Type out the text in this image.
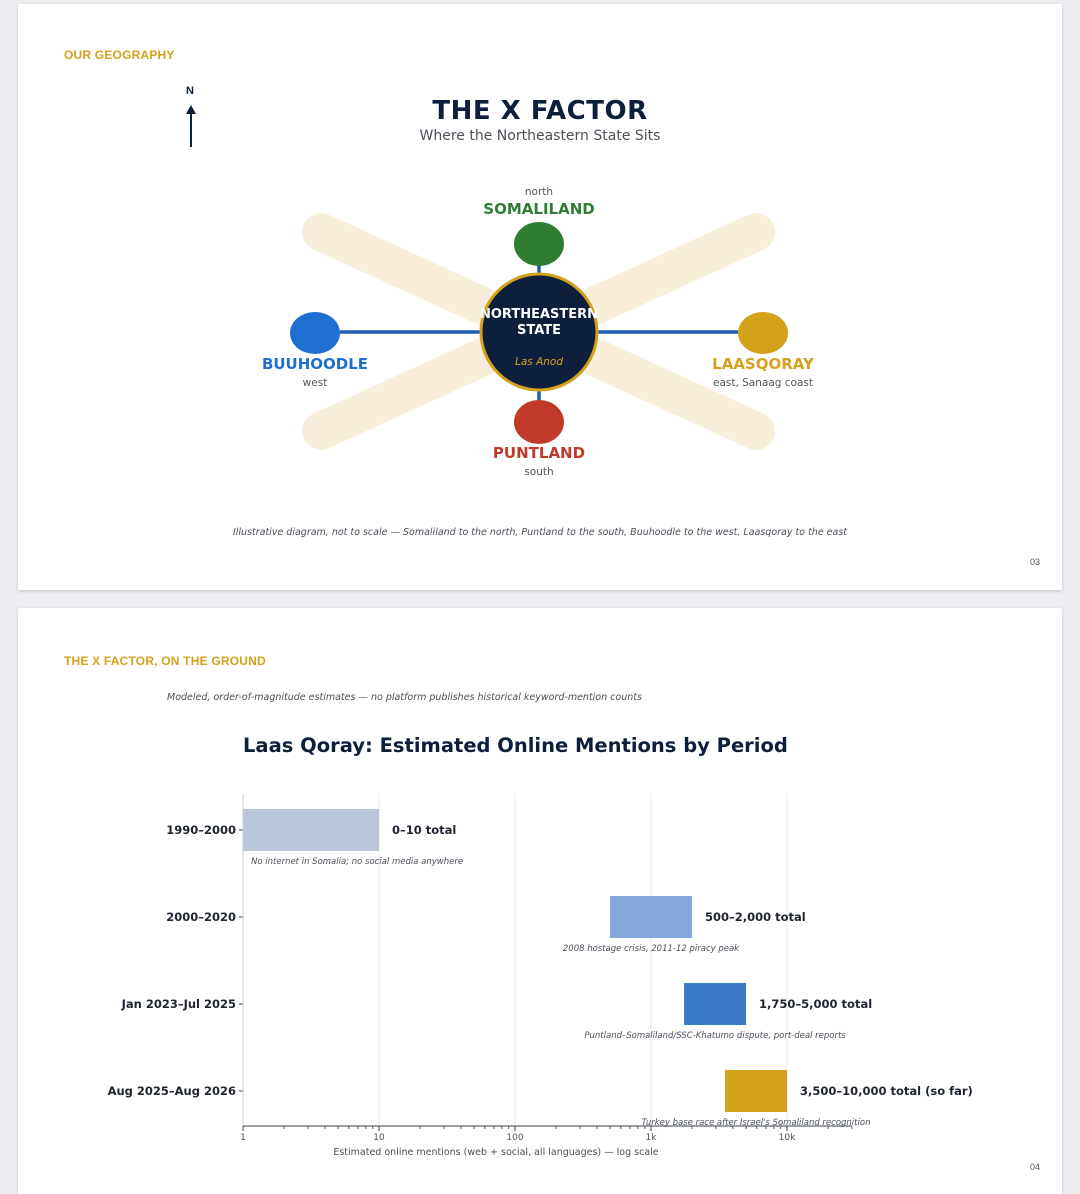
OUR GEOGRAPHY
N
NORTHEASTERN
STATE
Las Anod
north
SOMALILAND
PUNTLAND
south
BUUHOODLE
west
LAASQORAY
east, Sanaag coast
THE X FACTOR
Where the Northeastern State Sits
Illustrative diagram, not to scale — Somaliland to the north, Puntland to the south, Buuhoodle to the west, Laasqoray to the east
03
THE X FACTOR, ON THE GROUND
Modeled, order-of-magnitude estimates — no platform publishes historical keyword-mention counts
Laas Qoray: Estimated Online Mentions by Period
1990–2000	0–10 total
No internet in Somalia; no social media anywhere
2000–2020	500–2,000 total
2008 hostage crisis, 2011-12 piracy peak
Jan 2023–Jul 2025	1,750–5,000 total
Puntland–Somaliland/SSC-Khatumo dispute, port-deal reports
Aug 2025–Aug 2026	3,500–10,000 total (so far)
Turkey base race after Israel's Somaliland recognition
1	10	100	1k	10k
Estimated online mentions (web + social, all languages) — log scale
04
